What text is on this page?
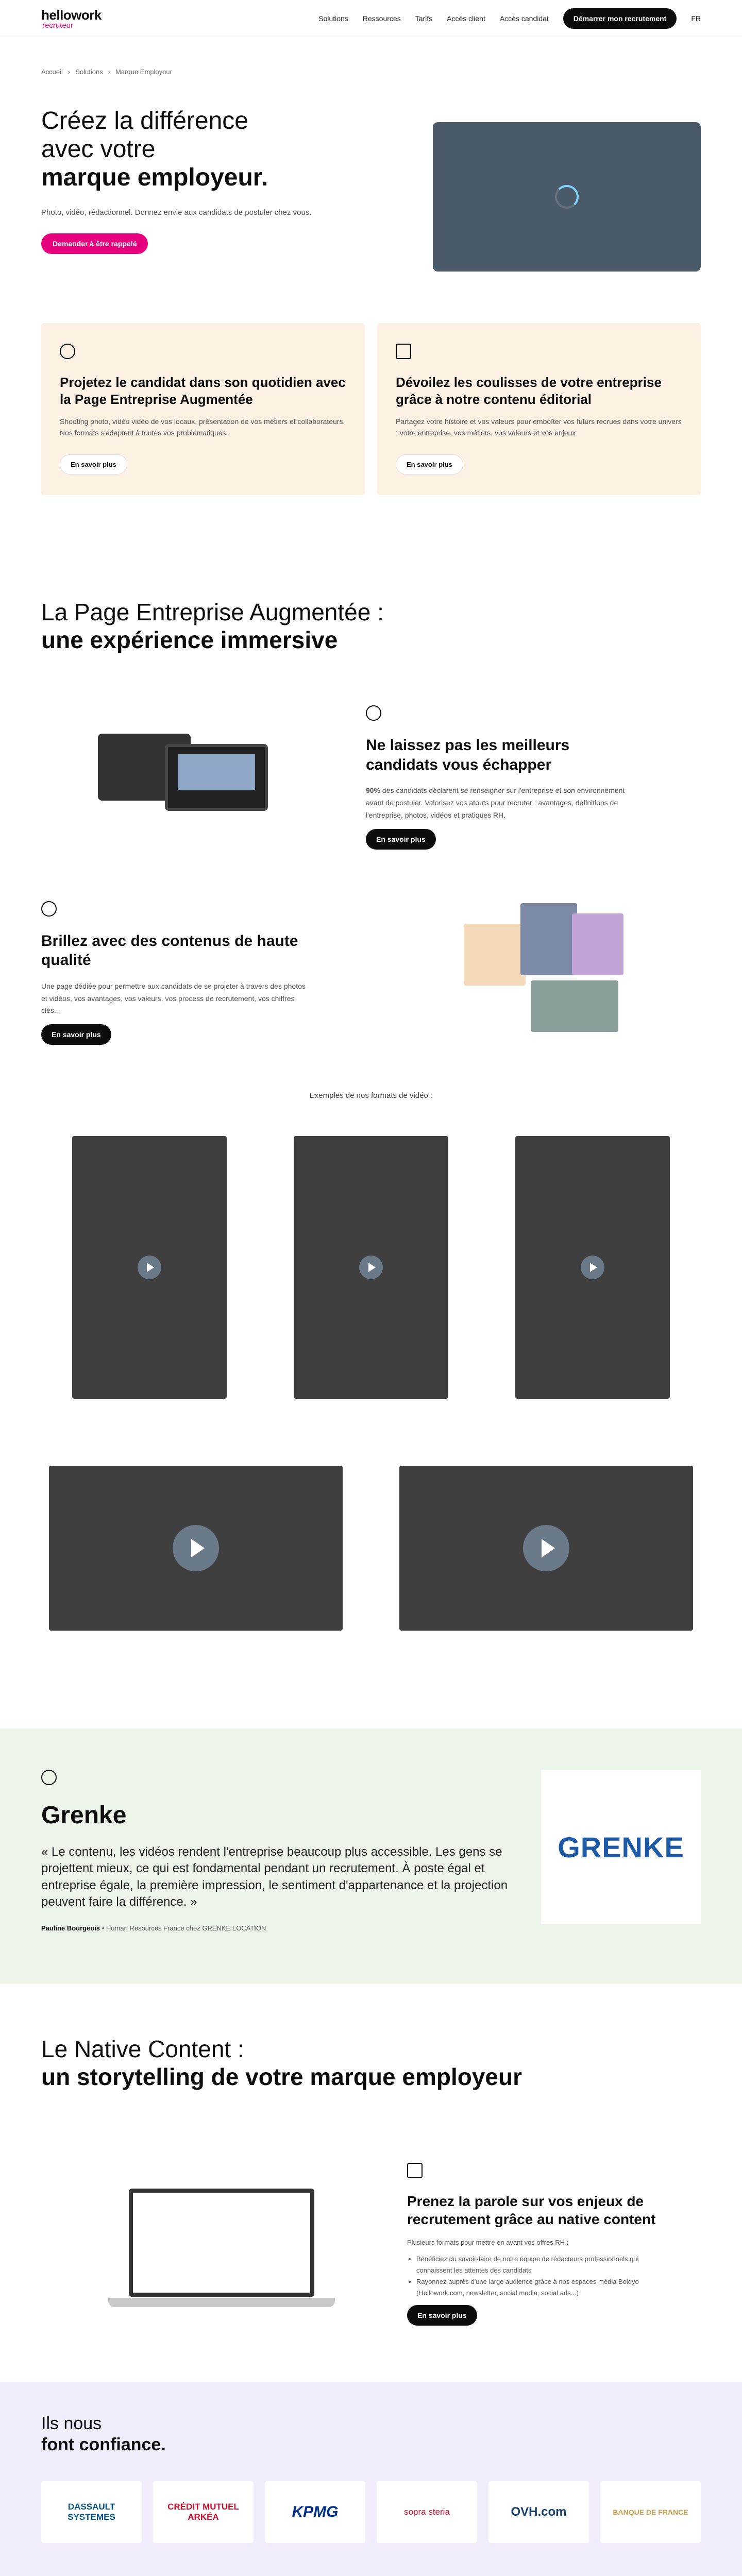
hellowork
recruteur
Solutions Ressources Tarifs Accès client Accès candidat	Démarrer mon recrutement	FR
Accueil › Solutions › Marque Employeur
Créez la différence
avec votre
marque employeur.

Photo, vidéo, rédactionnel. Donnez envie aux candidats de postuler chez vous.

Demander à être rappelé
Projetez le candidat dans son quotidien avec la Page Entreprise Augmentée

Shooting photo, vidéo vidéo de vos locaux, présentation de vos métiers et collaborateurs. Nos formats s'adaptent à toutes vos problématiques.

En savoir plus
Dévoilez les coulisses de votre entreprise grâce à notre contenu éditorial

Partagez votre histoire et vos valeurs pour emboîter vos futurs recrues dans votre univers : votre entreprise, vos métiers, vos valeurs et vos enjeux.

En savoir plus
La Page Entreprise Augmentée :
une expérience immersive
Ne laissez pas les meilleurs candidats vous échapper

90% des candidats déclarent se renseigner sur l'entreprise et son environnement avant de postuler. Valorisez vos atouts pour recruter : avantages, définitions de l'entreprise, photos, vidéos et pratiques RH.

En savoir plus
Brillez avec des contenus de haute qualité

Une page dédiée pour permettre aux candidats de se projeter à travers des photos et vidéos, vos avantages, vos valeurs, vos process de recrutement, vos chiffres clés...

En savoir plus

Exemples de nos formats de vidéo :

Grenke
« Le contenu, les vidéos rendent l'entreprise beaucoup plus accessible. Les gens se projettent mieux, ce qui est fondamental pendant un recrutement. À poste égal et entreprise égale, la première impression, le sentiment d'appartenance et la projection peuvent faire la différence. »

Pauline Bourgeois • Human Resources France chez GRENKE LOCATION

GRENKE
Le Native Content :
un storytelling de votre marque employeur
Prenez la parole sur vos enjeux de recrutement grâce au native content

Plusieurs formats pour mettre en avant vos offres RH :

• Bénéficiez du savoir-faire de notre équipe de rédacteurs professionnels qui connaissent les attentes des candidats
• Rayonnez auprès d'une large audience grâce à nos espaces média Boldyo (Hellowork.com, newsletter, social media, social ads...)
En savoir plus
Ils nous
font confiance.
DASSAULT SYSTEMES
CRÉDIT MUTUEL ARKÉA	KPMG	sopra steria	OVH.com	BANQUE DE FRANCE
